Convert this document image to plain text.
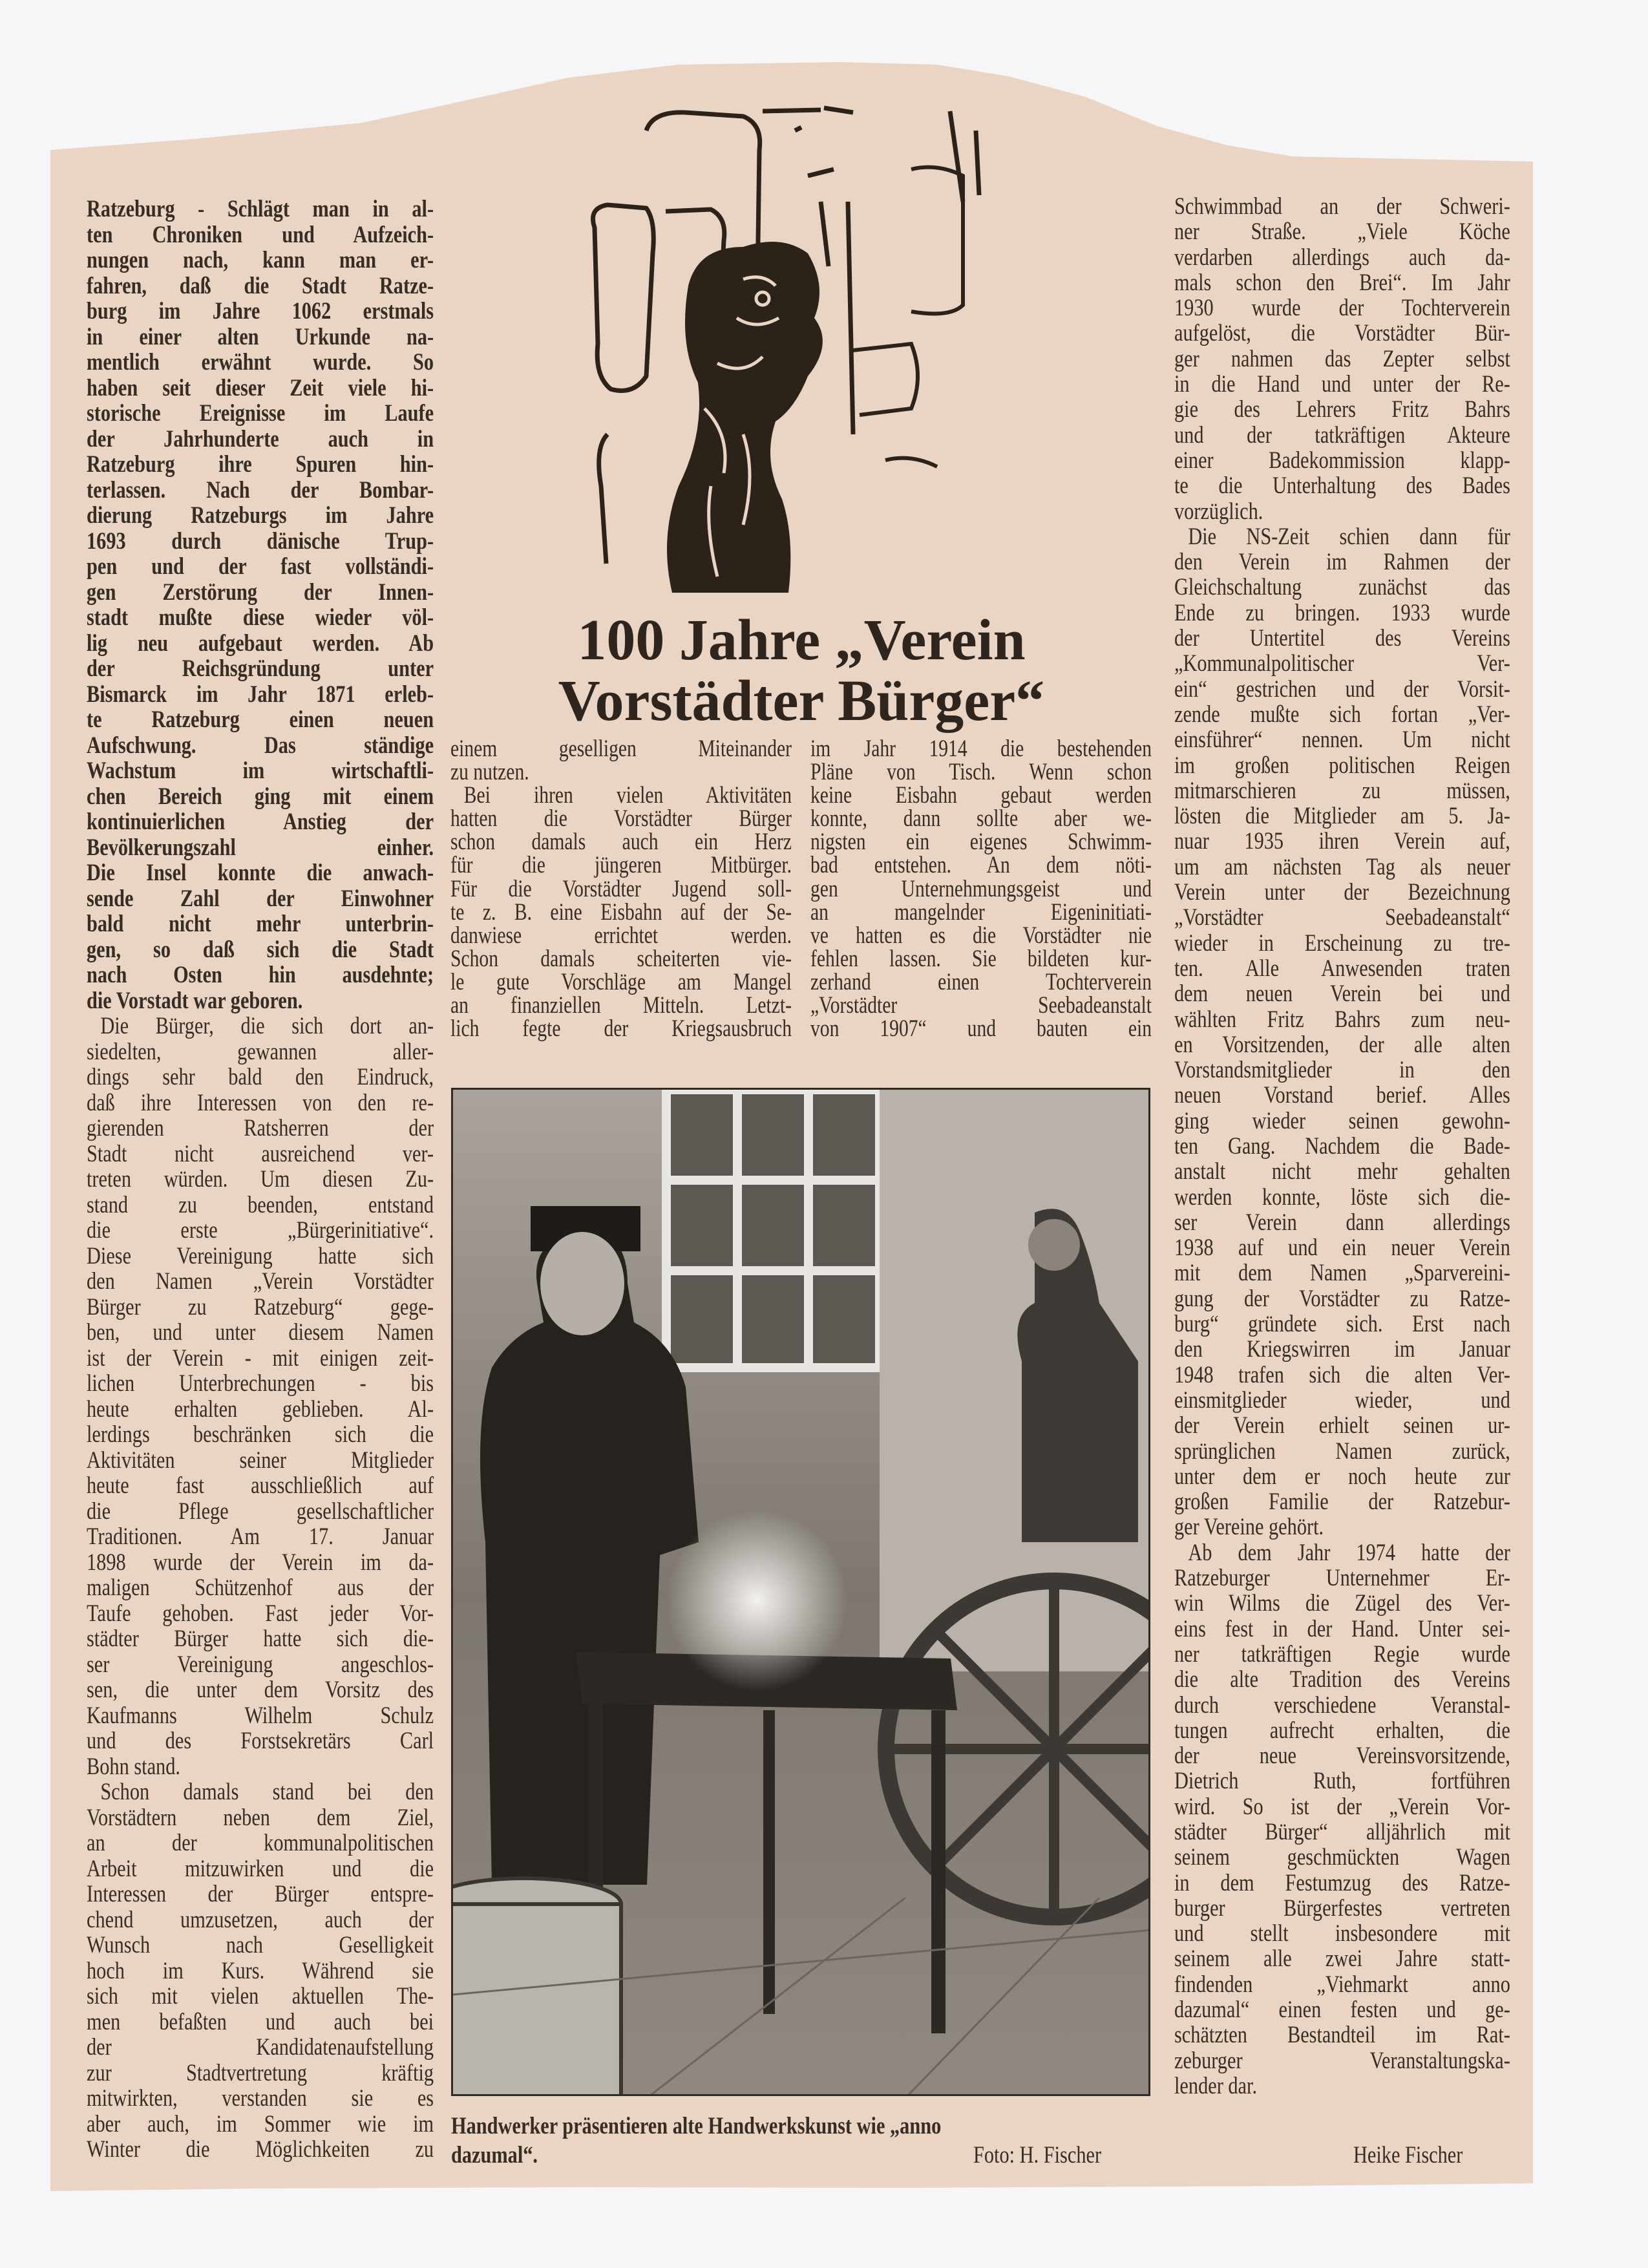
100 Jahre „Verein
Vorstädter Bürger“
Ratzeburg - Schlägt man in al-
ten Chroniken und Aufzeich-
nungen nach, kann man er-
fahren, daß die Stadt Ratze-
burg im Jahre 1062 erstmals
in einer alten Urkunde na-
mentlich erwähnt wurde. So
haben seit dieser Zeit viele hi-
storische Ereignisse im Laufe
der Jahrhunderte auch in
Ratzeburg ihre Spuren hin-
terlassen. Nach der Bombar-
dierung Ratzeburgs im Jahre
1693 durch dänische Trup-
pen und der fast vollständi-
gen Zerstörung der Innen-
stadt mußte diese wieder völ-
lig neu aufgebaut werden. Ab
der Reichsgründung unter
Bismarck im Jahr 1871 erleb-
te Ratzeburg einen neuen
Aufschwung. Das ständige
Wachstum im wirtschaftli-
chen Bereich ging mit einem
kontinuierlichen Anstieg der
Bevölkerungszahl einher.
Die Insel konnte die anwach-
sende Zahl der Einwohner
bald nicht mehr unterbrin-
gen, so daß sich die Stadt
nach Osten hin ausdehnte;
die Vorstadt war geboren.
Die Bürger, die sich dort an-
siedelten, gewannen aller-
dings sehr bald den Eindruck,
daß ihre Interessen von den re-
gierenden Ratsherren der
Stadt nicht ausreichend ver-
treten würden. Um diesen Zu-
stand zu beenden, entstand
die erste „Bürgerinitiative“.
Diese Vereinigung hatte sich
den Namen „Verein Vorstädter
Bürger zu Ratzeburg“ gege-
ben, und unter diesem Namen
ist der Verein - mit einigen zeit-
lichen Unterbrechungen - bis
heute erhalten geblieben. Al-
lerdings beschränken sich die
Aktivitäten seiner Mitglieder
heute fast ausschließlich auf
die Pflege gesellschaftlicher
Traditionen. Am 17. Januar
1898 wurde der Verein im da-
maligen Schützenhof aus der
Taufe gehoben. Fast jeder Vor-
städter Bürger hatte sich die-
ser Vereinigung angeschlos-
sen, die unter dem Vorsitz des
Kaufmanns Wilhelm Schulz
und des Forstsekretärs Carl
Bohn stand.
Schon damals stand bei den
Vorstädtern neben dem Ziel,
an der kommunalpolitischen
Arbeit mitzuwirken und die
Interessen der Bürger entspre-
chend umzusetzen, auch der
Wunsch nach Geselligkeit
hoch im Kurs. Während sie
sich mit vielen aktuellen The-
men befaßten und auch bei
der Kandidatenaufstellung
zur Stadtvertretung kräftig
mitwirkten, verstanden sie es
aber auch, im Sommer wie im
Winter die Möglichkeiten zu
einem geselligen Miteinander
zu nutzen.
Bei ihren vielen Aktivitäten
hatten die Vorstädter Bürger
schon damals auch ein Herz
für die jüngeren Mitbürger.
Für die Vorstädter Jugend soll-
te z. B. eine Eisbahn auf der Se-
danwiese errichtet werden.
Schon damals scheiterten vie-
le gute Vorschläge am Mangel
an finanziellen Mitteln. Letzt-
lich fegte der Kriegsausbruch
im Jahr 1914 die bestehenden
Pläne von Tisch. Wenn schon
keine Eisbahn gebaut werden
konnte, dann sollte aber we-
nigsten ein eigenes Schwimm-
bad entstehen. An dem nöti-
gen Unternehmungsgeist und
an mangelnder Eigeninitiati-
ve hatten es die Vorstädter nie
fehlen lassen. Sie bildeten kur-
zerhand einen Tochterverein
„Vorstädter Seebadeanstalt
von 1907“ und bauten ein
Schwimmbad an der Schweri-
ner Straße. „Viele Köche
verdarben allerdings auch da-
mals schon den Brei“. Im Jahr
1930 wurde der Tochterverein
aufgelöst, die Vorstädter Bür-
ger nahmen das Zepter selbst
in die Hand und unter der Re-
gie des Lehrers Fritz Bahrs
und der tatkräftigen Akteure
einer Badekommission klapp-
te die Unterhaltung des Bades
vorzüglich.
Die NS-Zeit schien dann für
den Verein im Rahmen der
Gleichschaltung zunächst das
Ende zu bringen. 1933 wurde
der Untertitel des Vereins
„Kommunalpolitischer Ver-
ein“ gestrichen und der Vorsit-
zende mußte sich fortan „Ver-
einsführer“ nennen. Um nicht
im großen politischen Reigen
mitmarschieren zu müssen,
lösten die Mitglieder am 5. Ja-
nuar 1935 ihren Verein auf,
um am nächsten Tag als neuer
Verein unter der Bezeichnung
„Vorstädter Seebadeanstalt“
wieder in Erscheinung zu tre-
ten. Alle Anwesenden traten
dem neuen Verein bei und
wählten Fritz Bahrs zum neu-
en Vorsitzenden, der alle alten
Vorstandsmitglieder in den
neuen Vorstand berief. Alles
ging wieder seinen gewohn-
ten Gang. Nachdem die Bade-
anstalt nicht mehr gehalten
werden konnte, löste sich die-
ser Verein dann allerdings
1938 auf und ein neuer Verein
mit dem Namen „Sparvereini-
gung der Vorstädter zu Ratze-
burg“ gründete sich. Erst nach
den Kriegswirren im Januar
1948 trafen sich die alten Ver-
einsmitglieder wieder, und
der Verein erhielt seinen ur-
sprünglichen Namen zurück,
unter dem er noch heute zur
großen Familie der Ratzebur-
ger Vereine gehört.
Ab dem Jahr 1974 hatte der
Ratzeburger Unternehmer Er-
win Wilms die Zügel des Ver-
eins fest in der Hand. Unter sei-
ner tatkräftigen Regie wurde
die alte Tradition des Vereins
durch verschiedene Veranstal-
tungen aufrecht erhalten, die
der neue Vereinsvorsitzende,
Dietrich Ruth, fortführen
wird. So ist der „Verein Vor-
städter Bürger“ alljährlich mit
seinem geschmückten Wagen
in dem Festumzug des Ratze-
burger Bürgerfestes vertreten
und stellt insbesondere mit
seinem alle zwei Jahre statt-
findenden „Viehmarkt anno
dazumal“ einen festen und ge-
schätzten Bestandteil im Rat-
zeburger Veranstaltungska-
lender dar.
Handwerker präsentieren alte Handwerkskunst wie „anno
dazumal“.	Foto: H. Fischer	Heike Fischer
